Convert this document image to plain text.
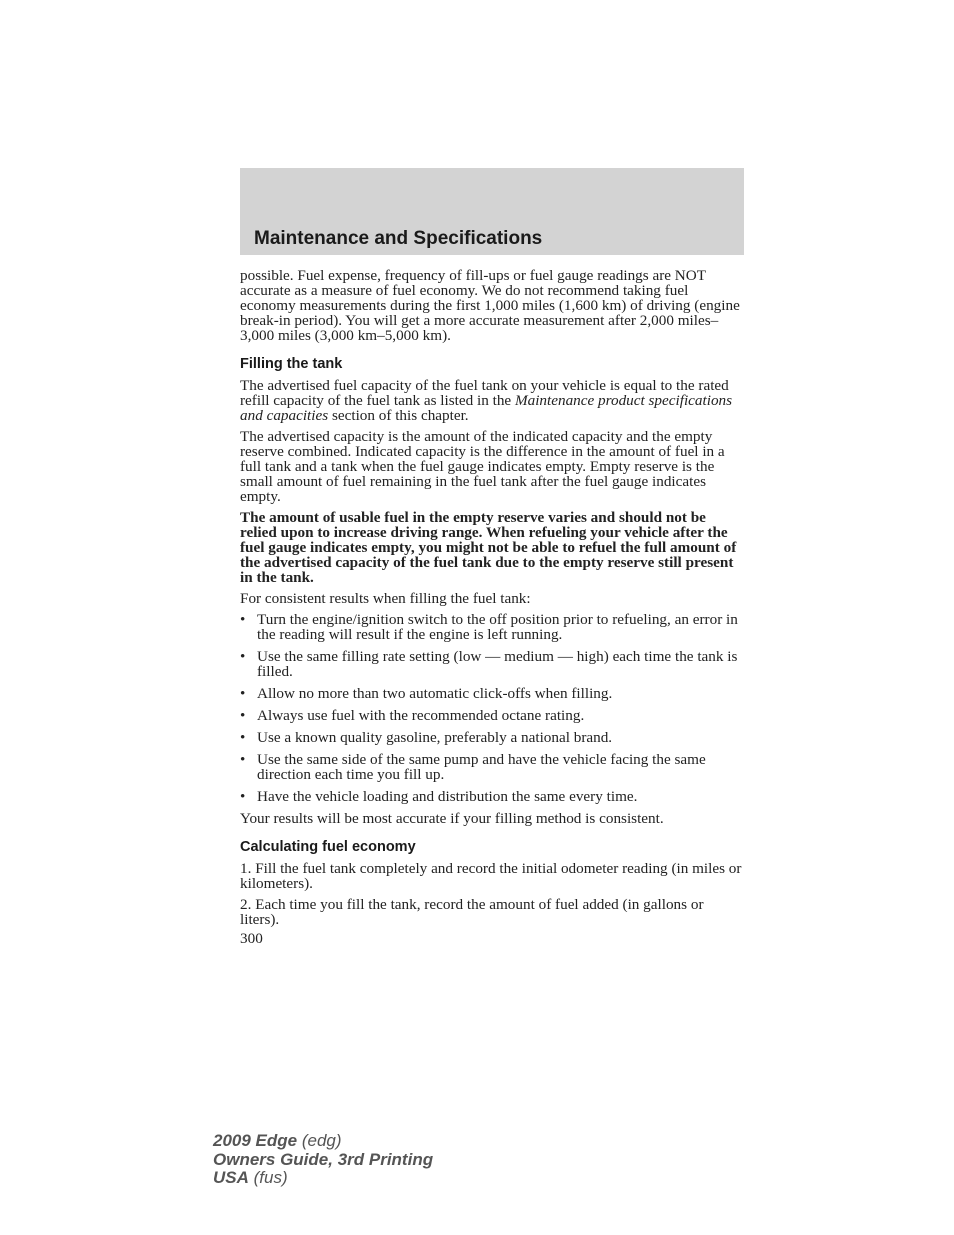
Maintenance and Specifications

possible. Fuel expense, frequency of fill-ups or fuel gauge readings are NOT accurate as a measure of fuel economy. We do not recommend taking fuel economy measurements during the first 1,000 miles (1,600 km) of driving (engine break-in period). You will get a more accurate measurement after 2,000 miles–3,000 miles (3,000 km–5,000 km).

Filling the tank

The advertised fuel capacity of the fuel tank on your vehicle is equal to the rated refill capacity of the fuel tank as listed in the Maintenance product specifications and capacities section of this chapter.

The advertised capacity is the amount of the indicated capacity and the empty reserve combined. Indicated capacity is the difference in the amount of fuel in a full tank and a tank when the fuel gauge indicates empty. Empty reserve is the small amount of fuel remaining in the fuel tank after the fuel gauge indicates empty.

The amount of usable fuel in the empty reserve varies and should not be relied upon to increase driving range. When refueling your vehicle after the fuel gauge indicates empty, you might not be able to refuel the full amount of the advertised capacity of the fuel tank due to the empty reserve still present in the tank.

For consistent results when filling the fuel tank:

• Turn the engine/ignition switch to the off position prior to refueling, an error in the reading will result if the engine is left running.
• Use the same filling rate setting (low — medium — high) each time the tank is filled.
• Allow no more than two automatic click-offs when filling.
• Always use fuel with the recommended octane rating.
• Use a known quality gasoline, preferably a national brand.
• Use the same side of the same pump and have the vehicle facing the same direction each time you fill up.
• Have the vehicle loading and distribution the same every time.

Your results will be most accurate if your filling method is consistent.

Calculating fuel economy

1. Fill the fuel tank completely and record the initial odometer reading (in miles or kilometers).

2. Each time you fill the tank, record the amount of fuel added (in gallons or liters).

300
2009 Edge (edg)
Owners Guide, 3rd Printing
USA (fus)
